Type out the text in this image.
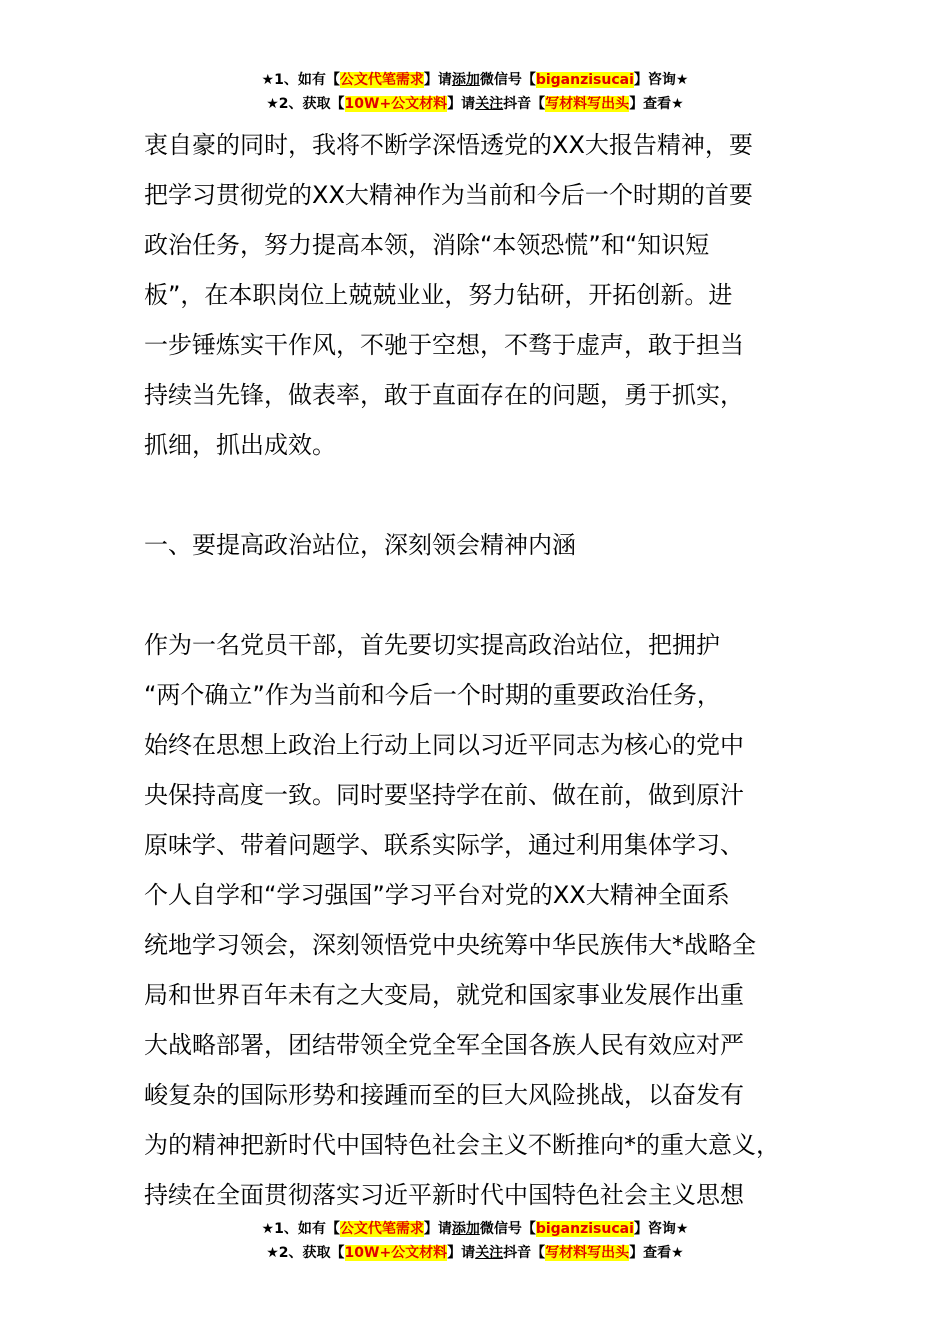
★1、如有【公文代笔需求】请添加微信号【biganzisucai】咨询★
★2、获取【10W+公文材料】请关注抖音【写材料写出头】查看★

衷自豪的同时，我将不断学深悟透党的XX大报告精神，要
把学习贯彻党的XX大精神作为当前和今后一个时期的首要
政治任务，努力提高本领，消除“本领恐慌”和“知识短
板”，在本职岗位上兢兢业业，努力钻研，开拓创新。进
一步锤炼实干作风，不驰于空想，不骛于虚声，敢于担当
持续当先锋，做表率，敢于直面存在的问题，勇于抓实，
抓细，抓出成效。

一、要提高政治站位，深刻领会精神内涵

作为一名党员干部，首先要切实提高政治站位，把拥护
“两个确立”作为当前和今后一个时期的重要政治任务，
始终在思想上政治上行动上同以习近平同志为核心的党中
央保持高度一致。同时要坚持学在前、做在前，做到原汁
原味学、带着问题学、联系实际学，通过利用集体学习、
个人自学和“学习强国”学习平台对党的XX大精神全面系
统地学习领会，深刻领悟党中央统筹中华民族伟大*战略全
局和世界百年未有之大变局，就党和国家事业发展作出重
大战略部署，团结带领全党全军全国各族人民有效应对严
峻复杂的国际形势和接踵而至的巨大风险挑战，以奋发有
为的精神把新时代中国特色社会主义不断推向*的重大意义，
持续在全面贯彻落实习近平新时代中国特色社会主义思想

★1、如有【公文代笔需求】请添加微信号【biganzisucai】咨询★
★2、获取【10W+公文材料】请关注抖音【写材料写出头】查看★
